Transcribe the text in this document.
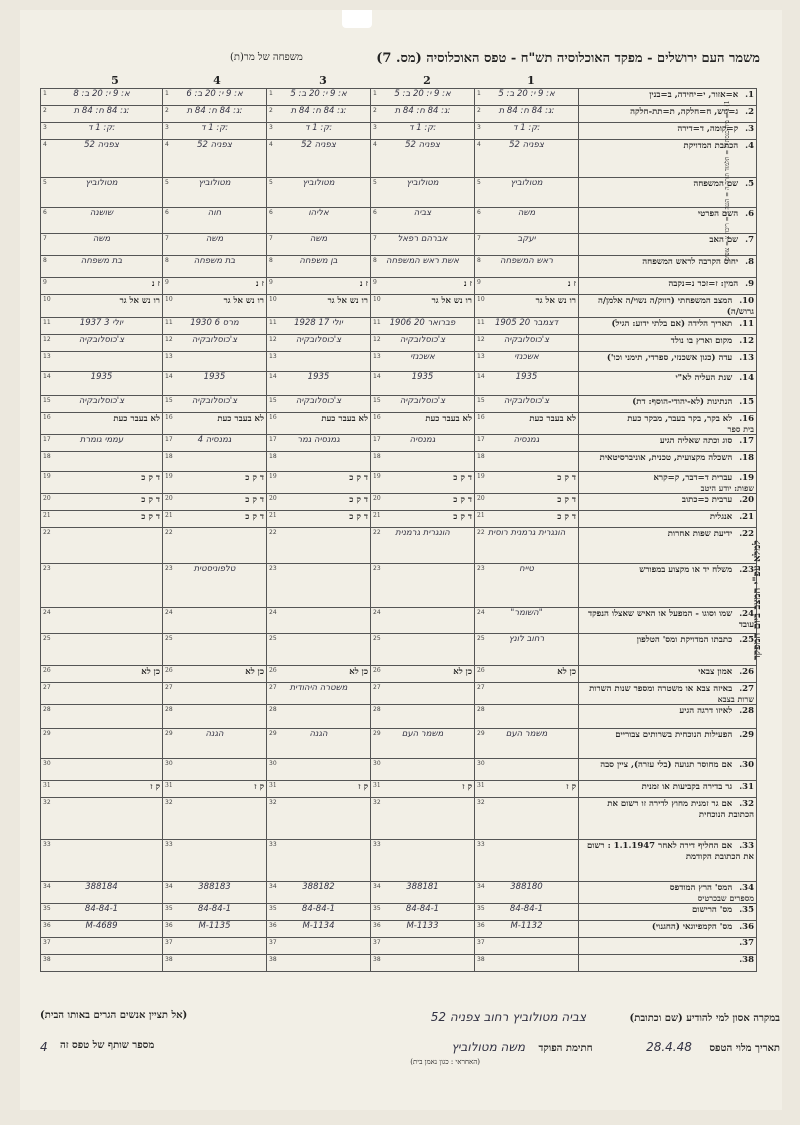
משמר העם ירושלים - מפקד האוכלוסיה תש"ח - טפס האוכלוסיה (מס. 7)
משפחה של מר(ת)
5	4	3	2	1
1 א: 9 י: 20 ב: 8	1 א: 9 י: 20 ב: 6	1 א: 9 י: 20 ב: 5	1 א: 9 י: 20 ב: 5	1 א: 9 י: 20 ב: 5	1. א=אזור, י=יחידה, ב=בנין

2 ג: 84 ח: 84 ת:	2 ג: 84 ח: 84 ת:	2 ג: 84 ח: 84 ת:	2 ג: 84 ח: 84 ת:	2 ג: 84 ח: 84 ת:	2. ג=גוש, ח=חלקה, ת=תת-חלקה

3 ק: 1 ד:	3 ק: 1 ד:	3 ק: 1 ד:	3 ק: 1 ד:	3 ק: 1 ד:	3. ק=קומה, ד=דירה

4 צפניה 52	4 צפניה 52	4 צפניה 52	4 צפניה 52	4 צפניה 52	4. הכתבת המדויקת

5 מטולוביץ	5 מטולוביץ	5 מטולוביץ	5 מטולוביץ	5 מטולוביץ	5. שם המשפחה

6 שושנה	6 חוה	6 אליהו	6 צביה	6 משה	6. השם הפרטי

7 משה	7 משה	7 משה	7 אברהם רפאל	7 יעקב	7. שם האב

8 בת משפחה	8 בת משפחה	8 בן משפחה	8 אשת ראש המשפחה	8 ראש המשפחה	8. יחוס הקרבה לראש המשפחה

9 ז נ	9 ז נ	9 ז נ	9 ז נ	9 ז נ	9. המין: ז=זכר נ=נקבה

10 רו נש אל גר	10 רו נש אל גר	10 רו נש אל גר	10 רו נש אל גר	10 רו נש אל גר	10. המצב המשפחתי (רווק/ה נשוי/ה אלמן/ה גרוש/ה)

11 יולי 3 1937	11 מרס 6 1930	11 יולי 17 1928	11 פברואר 20 1906	11 דצמבר 20 1905	11. תאריך הלידה (אם בלתי ידוע: הגיל)

12 צ'כוסלובקיה	12 צ'כוסלובקיה	12 צ'כוסלובקיה	12 צ'כוסלובקיה	12 צ'כוסלובקיה	12. מקום וארץ בו נולד

13	13	13	13 אשכנזי	13 אשכנזי	13. עדה (כגון אשכנזי, ספרדי, תימני וכו')

14 1935	14 1935	14 1935	14 1935	14 1935	14. שנת העליה לא"י

15 צ'כוסלובקיה	15 צ'כוסלובקיה	15 צ'כוסלובקיה	15 צ'כוסלובקיה	15 צ'כוסלובקיה	15. הנתינות (לא-יהודי-הוסף: דת)

16 לא בעבר כעת	16 לא בעבר כעת	16 לא בעבר כעת	16 לא בעבר כעת	16 לא בעבר כעת	16. לא בקר, בקר בעבר, מבקר כעת
בית ספר

17 עממי גומרת	17 גמנסיה 4	17 גמנסיה גמר	17 גמנסיה	17 גמנסיה	17. סוג וכתה שאליה הגיע

18	18	18	18	18	18. השכלה מקצועית, טכנית, אוניברסיטאית

19 ד ק כ	19 ד ק כ	19 ד ק כ	19 ד ק כ	19 ד ק כ	19. עברית ד=דבר, ק=קרא
שפות: יודע היטב

20 ד ק כ	20 ד ק כ	20 ד ק כ	20 ד ק כ	20 ד ק כ	20. ערבית כ=כתוב

21 ד ק כ	21 ד ק כ	21 ד ק כ	21 ד ק כ	21 ד ק כ	21. אנגלית

22	22	22	22 הונגרית גרמנית	22 הונגרית גרמנית רוסית	22. ידיעת שפות אחרות

23	23 טלפוניסטית	23	23	23 טייח	23. משלח יד או מקצוע במפורש

24	24	24	24	24 "השומר"	24. שמו וסוגו - המפעל או האיש שאצלו הנפקד עובד

25	25	25	25	25 רחוב לונץ	25. כתבתו המדויקת ומס' הטלפון

26 כן לא	26 כן לא	26 כן לא	26 כן לא	26 כן לא	26. אמון צבאי

27	27	27 משטרה היהודית	27	27	27. באיזה צבא או משטרה ומספר שנות השרות
שרות בצבא

28	28	28	28	28	28. לאיזו דרגה הגיע

29	29 הגנה	29 הגנה	29 משמר העם	29 משמר העם	29. הפעילות הנוכחית בשרותים צבוריים

30	30	30	30	30	30. אם מחוסר תנועה (בלי עזרה), ציין סבה

31 ק ז	31 ק ז	31 ק ז	31 ק ז	31 ק ז	31. גר בדירה בקביעות או זמנית

32	32	32	32	32	32. אם גר זמנית מחוץ לדירה זו רשום את הכתובת הנוכחית

33	33	33	33	33	33. אם החליף דירה לאחר 1.1.1947 : רשום את הכתובת הקודמת

34 388184	34 388183	34 388182	34 388181	34 388180	34. המס' הרץ המודפס
מספרים שבכרטיס

35 84-84-1	35 84-84-1	35 84-84-1	35 84-84-1	35 84-84-1	35. מס' הרישום

36 M-4689	36 M-1135	36 M-1134	36 M-1133	36 M-1132	36. מס' הקמפיוגאי (החגנוי)

37	37	37	37	37	37.

38	38	38	38	38	38.
למלא עפ"י המצב ביום המפקד
1) ב = ביח-כנסת ת = תלמוד תורה ה = הגנה ר = ריכוז צ = צופים
במקרה אסון למי להודיע (שם וכתובת) צביה מטולוביץ רחוב צפניה 52
(אל תציין אנשים הגרים באותו הבית)
תאריך מלוי הטפס 28.4.48 חתימת הפוקד משה מטולוביץ
מספר שותף של טפס זה
4
(האחראי : כגון נאמן בית)
